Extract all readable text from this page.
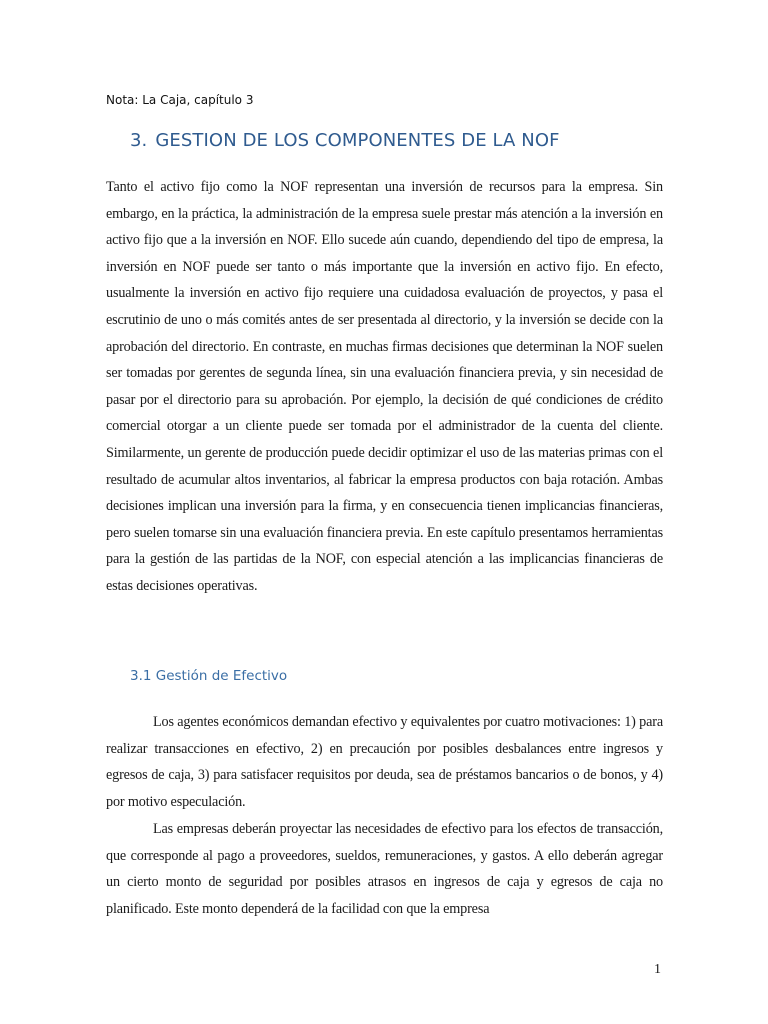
Nota: La Caja, capítulo 3

3. GESTION DE LOS COMPONENTES DE LA NOF

Tanto el activo fijo como la NOF representan una inversión de recursos para la empresa. Sin embargo, en la práctica, la administración de la empresa suele prestar más atención a la inversión en activo fijo que a la inversión en NOF. Ello sucede aún cuando, dependiendo del tipo de empresa, la inversión en NOF puede ser tanto o más importante que la inversión en activo fijo. En efecto, usualmente la inversión en activo fijo requiere una cuidadosa evaluación de proyectos, y pasa el escrutinio de uno o más comités antes de ser presentada al directorio, y la inversión se decide con la aprobación del directorio. En contraste, en muchas firmas decisiones que determinan la NOF suelen ser tomadas por gerentes de segunda línea, sin una evaluación financiera previa, y sin necesidad de pasar por el directorio para su aprobación. Por ejemplo, la decisión de qué condiciones de crédito comercial otorgar a un cliente puede ser tomada por el administrador de la cuenta del cliente. Similarmente, un gerente de producción puede decidir optimizar el uso de las materias primas con el resultado de acumular altos inventarios, al fabricar la empresa productos con baja rotación. Ambas decisiones implican una inversión para la firma, y en consecuencia tienen implicancias financieras, pero suelen tomarse sin una evaluación financiera previa. En este capítulo presentamos herramientas para la gestión de las partidas de la NOF, con especial atención a las implicancias financieras de estas decisiones operativas.

3.1 Gestión de Efectivo

Los agentes económicos demandan efectivo y equivalentes por cuatro motivaciones: 1) para realizar transacciones en efectivo, 2) en precaución por posibles desbalances entre ingresos y egresos de caja, 3) para satisfacer requisitos por deuda, sea de préstamos bancarios o de bonos, y 4) por motivo especulación.

Las empresas deberán proyectar las necesidades de efectivo para los efectos de transacción, que corresponde al pago a proveedores, sueldos, remuneraciones, y gastos. A ello deberán agregar un cierto monto de seguridad por posibles atrasos en ingresos de caja y egresos de caja no planificado. Este monto dependerá de la facilidad con que la empresa

1
